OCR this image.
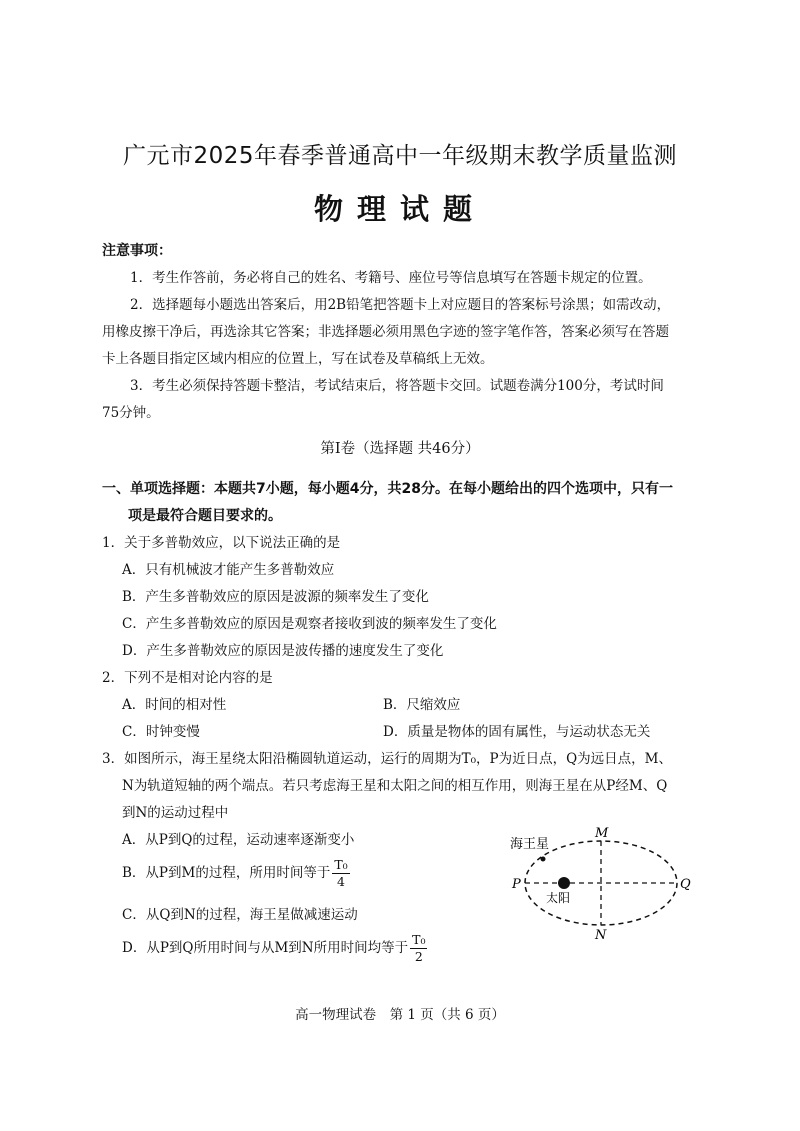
广元市2025年春季普通高中一年级期末教学质量监测
物理试题
注意事项：
1．考生作答前，务必将自己的姓名、考籍号、座位号等信息填写在答题卡规定的位置。
2．选择题每小题选出答案后，用2B铅笔把答题卡上对应题目的答案标号涂黑；如需改动，
用橡皮擦干净后，再选涂其它答案；非选择题必须用黑色字迹的签字笔作答，答案必须写在答题
卡上各题目指定区域内相应的位置上，写在试卷及草稿纸上无效。
3．考生必须保持答题卡整洁，考试结束后，将答题卡交回。试题卷满分100分，考试时间
75分钟。
第Ⅰ卷（选择题 共46分）
一、单项选择题：本题共7小题，每小题4分，共28分。在每小题给出的四个选项中，只有一
项是最符合题目要求的。
1．关于多普勒效应，以下说法正确的是
A．只有机械波才能产生多普勒效应
B．产生多普勒效应的原因是波源的频率发生了变化
C．产生多普勒效应的原因是观察者接收到波的频率发生了变化
D．产生多普勒效应的原因是波传播的速度发生了变化
2．下列不是相对论内容的是
A．时间的相对性	B．尺缩效应
C．时钟变慢	D．质量是物体的固有属性，与运动状态无关
3．如图所示，海王星绕太阳沿椭圆轨道运动，运行的周期为T₀，P为近日点，Q为远日点，M、
N为轨道短轴的两个端点。若只考虑海王星和太阳之间的相互作用，则海王星在从P经M、Q
到N的运动过程中
A．从P到Q的过程，运动速率逐渐变小
B．从P到M的过程，所用时间等于 $\frac{\text{T₀}}{4}$
C．从Q到N的过程，海王星做减速运动
D．从P到Q所用时间与从M到N所用时间均等于 $\frac{\text{T₀}}{2}$
海王星
太阳
P	Q
M
N
高一物理试卷　第 1 页（共 6 页）
